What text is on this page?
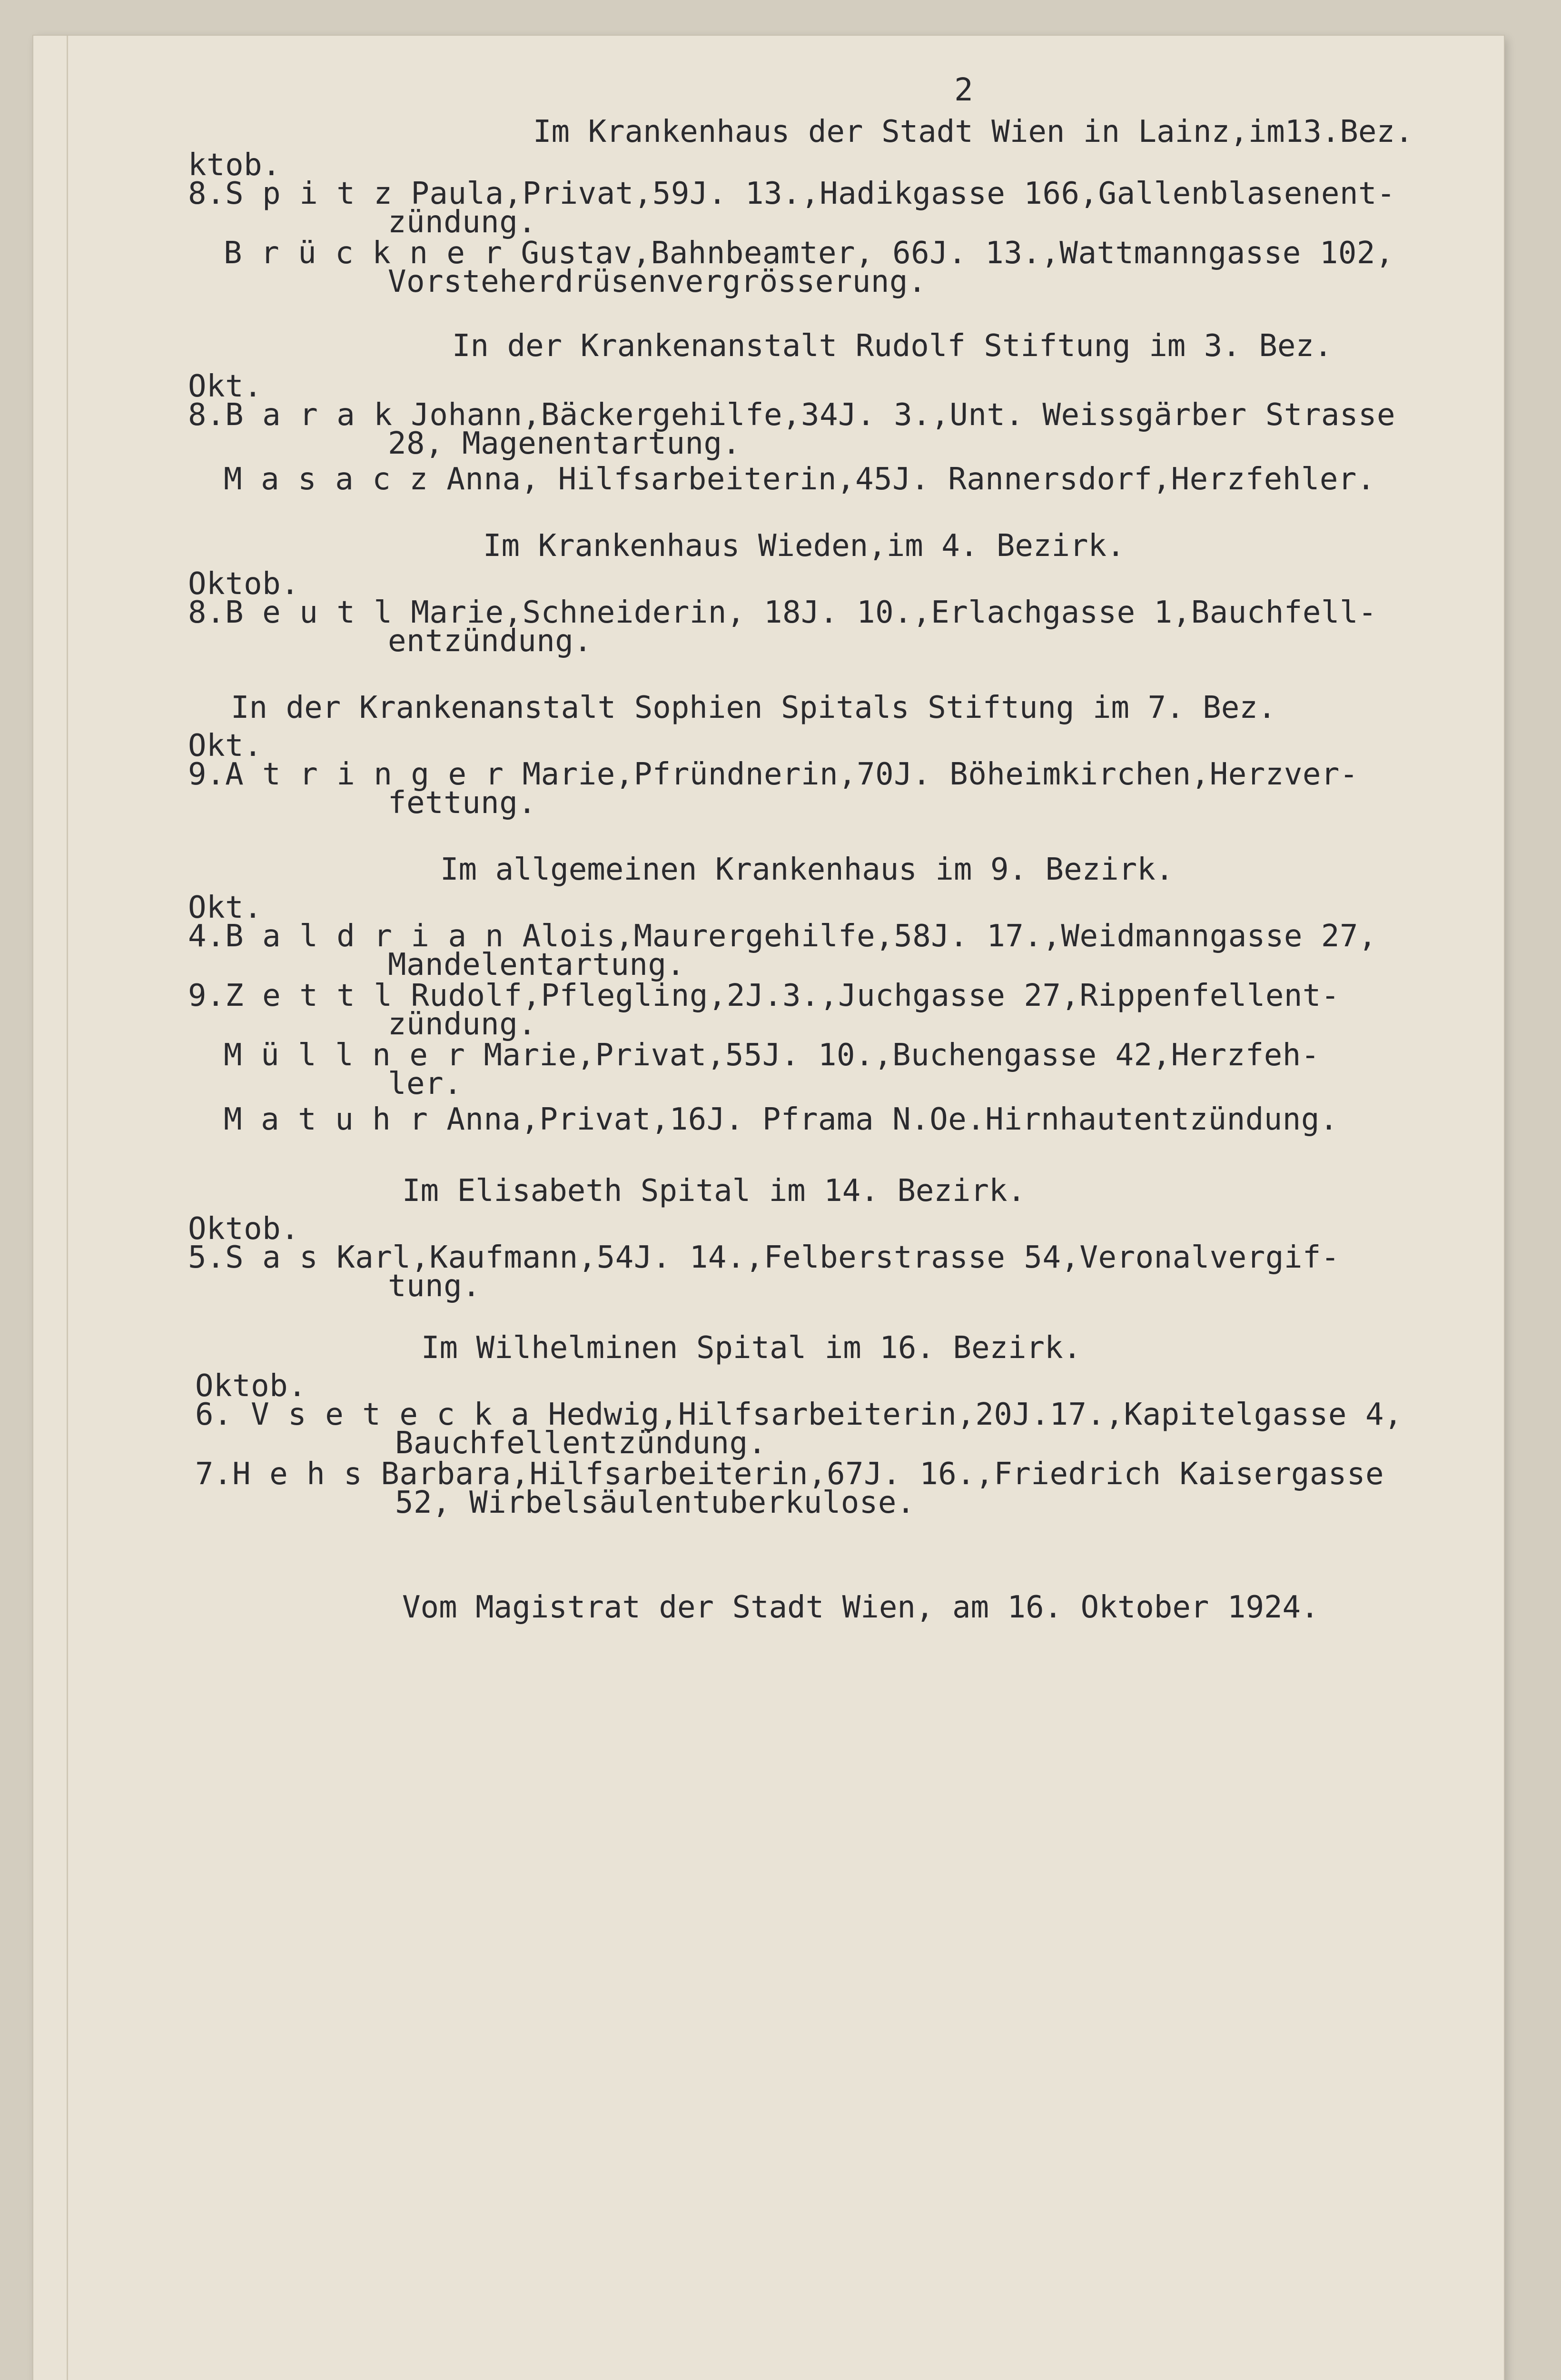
2
Im Krankenhaus der Stadt Wien in Lainz,im13.Bez.
ktob.
8.S p i t z Paula,Privat,59J. 13.,Hadikgasse 166,Gallenblasenent-
zündung.
B r ü c k n e r Gustav,Bahnbeamter, 66J. 13.,Wattmanngasse 102,
Vorsteherdrüsenvergrösserung.
In der Krankenanstalt Rudolf Stiftung im 3. Bez.
Okt.
8.B a r a k Johann,Bäckergehilfe,34J. 3.,Unt. Weissgärber Strasse
28, Magenentartung.
M a s a c z Anna, Hilfsarbeiterin,45J. Rannersdorf,Herzfehler.
Im Krankenhaus Wieden,im 4. Bezirk.
Oktob.
8.B e u t l Marie,Schneiderin, 18J. 10.,Erlachgasse 1,Bauchfell-
entzündung.
In der Krankenanstalt Sophien Spitals Stiftung im 7. Bez.
Okt.
9.A t r i n g e r Marie,Pfründnerin,70J. Böheimkirchen,Herzver-
fettung.
Im allgemeinen Krankenhaus im 9. Bezirk.
Okt.
4.B a l d r i a n Alois,Maurergehilfe,58J. 17.,Weidmanngasse 27,
Mandelentartung.
9.Z e t t l Rudolf,Pflegling,2J.3.,Juchgasse 27,Rippenfellent-
zündung.
M ü l l n e r Marie,Privat,55J. 10.,Buchengasse 42,Herzfeh-
ler.
M a t u h r Anna,Privat,16J. Pframa N.Oe.Hirnhautentzündung.
Im Elisabeth Spital im 14. Bezirk.
Oktob.
5.S a s Karl,Kaufmann,54J. 14.,Felberstrasse 54,Veronalvergif-
tung.
Im Wilhelminen Spital im 16. Bezirk.
Oktob.
6. V s e t e c k a Hedwig,Hilfsarbeiterin,20J.17.,Kapitelgasse 4,
Bauchfellentzündung.
7.H e h s Barbara,Hilfsarbeiterin,67J. 16.,Friedrich Kaisergasse
52, Wirbelsäulentuberkulose.
Vom Magistrat der Stadt Wien, am 16. Oktober 1924.
